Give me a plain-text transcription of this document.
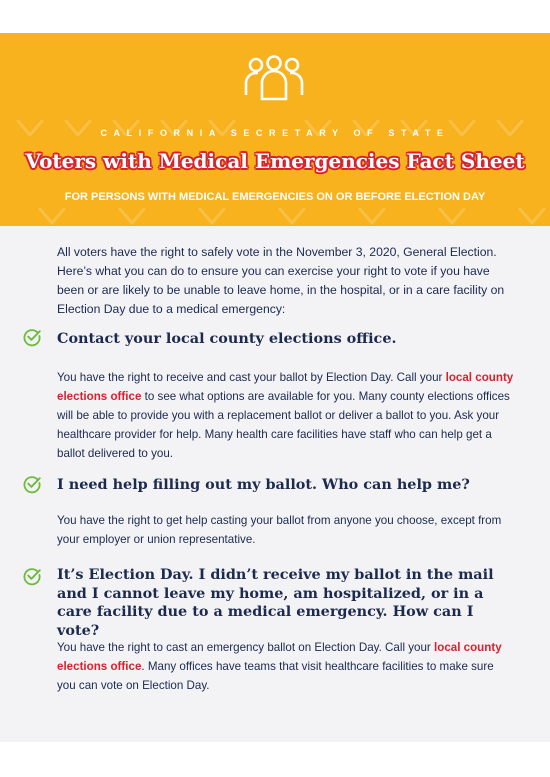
CALIFORNIA SECRETARY OF STATE
Voters with Medical Emergencies Fact Sheet
FOR PERSONS WITH MEDICAL EMERGENCIES ON OR BEFORE ELECTION DAY

All voters have the right to safely vote in the November 3, 2020, General Election. Here’s what you can do to ensure you can exercise your right to vote if you have been or are likely to be unable to leave home, in the hospital, or in a care facility on Election Day due to a medical emergency:

Contact your local county elections office.

You have the right to receive and cast your ballot by Election Day. Call your local county elections office to see what options are available for you. Many county elections offices will be able to provide you with a replacement ballot or deliver a ballot to you. Ask your healthcare provider for help. Many health care facilities have staff who can help get a ballot delivered to you.

I need help filling out my ballot. Who can help me?

You have the right to get help casting your ballot from anyone you choose, except from your employer or union representative.

It’s Election Day. I didn’t receive my ballot in the mail and I cannot leave my home, am hospitalized, or in a care facility due to a medical emergency. How can I vote?

You have the right to cast an emergency ballot on Election Day. Call your local county elections office. Many offices have teams that visit healthcare facilities to make sure you can vote on Election Day.
